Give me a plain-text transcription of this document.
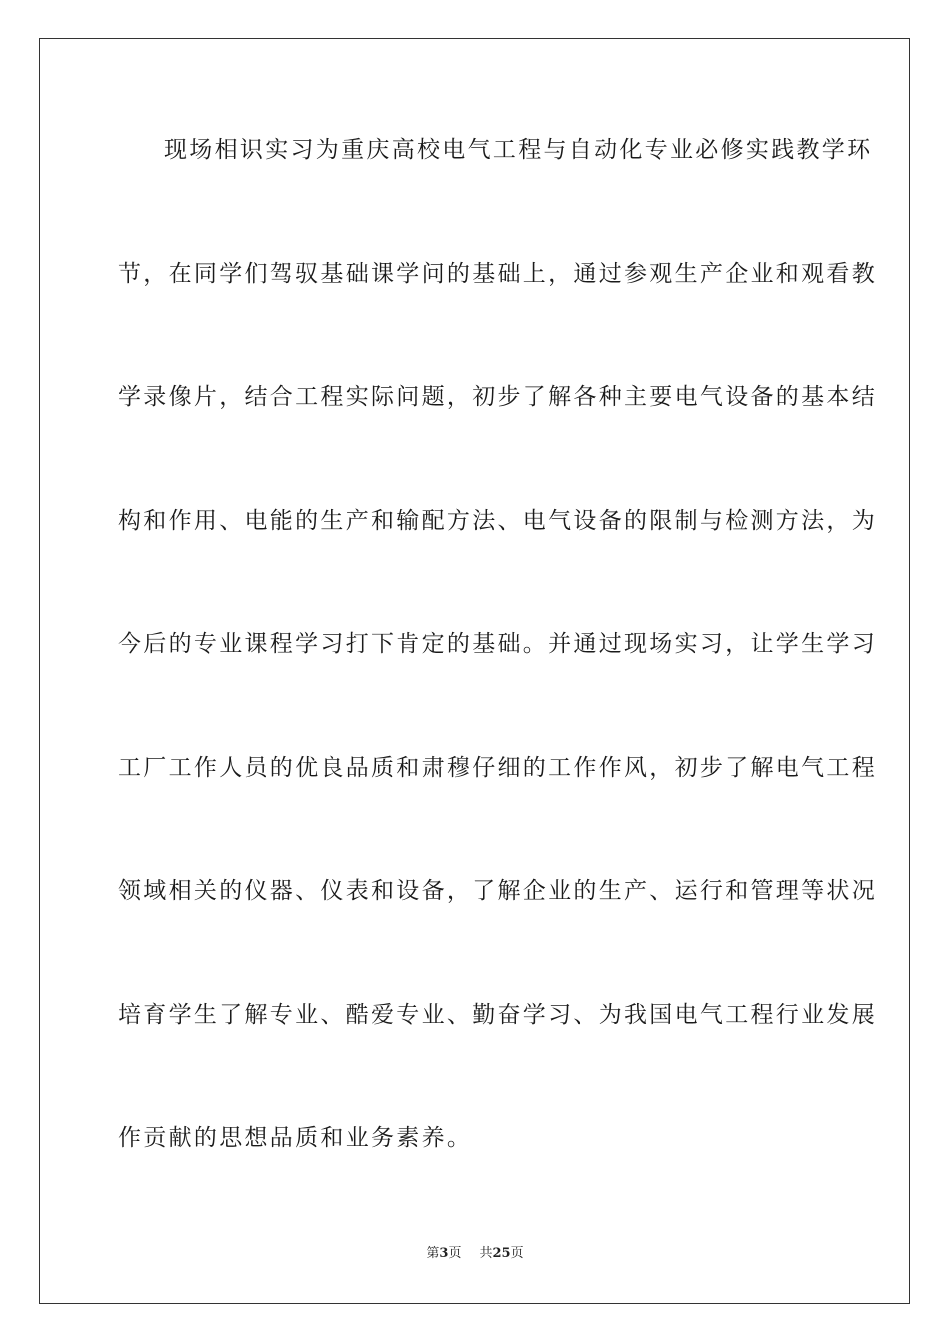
现场相识实习为重庆高校电气工程与自动化专业必修实践教学环
节，在同学们驾驭基础课学问的基础上，通过参观生产企业和观看教
学录像片，结合工程实际问题，初步了解各种主要电气设备的基本结
构和作用、电能的生产和输配方法、电气设备的限制与检测方法，为
今后的专业课程学习打下肯定的基础。并通过现场实习，让学生学习
工厂工作人员的优良品质和肃穆仔细的工作作风，初步了解电气工程
领域相关的仪器、仪表和设备，了解企业的生产、运行和管理等状况
培育学生了解专业、酷爱专业、勤奋学习、为我国电气工程行业发展
作贡献的思想品质和业务素养。
第3页 共25页
